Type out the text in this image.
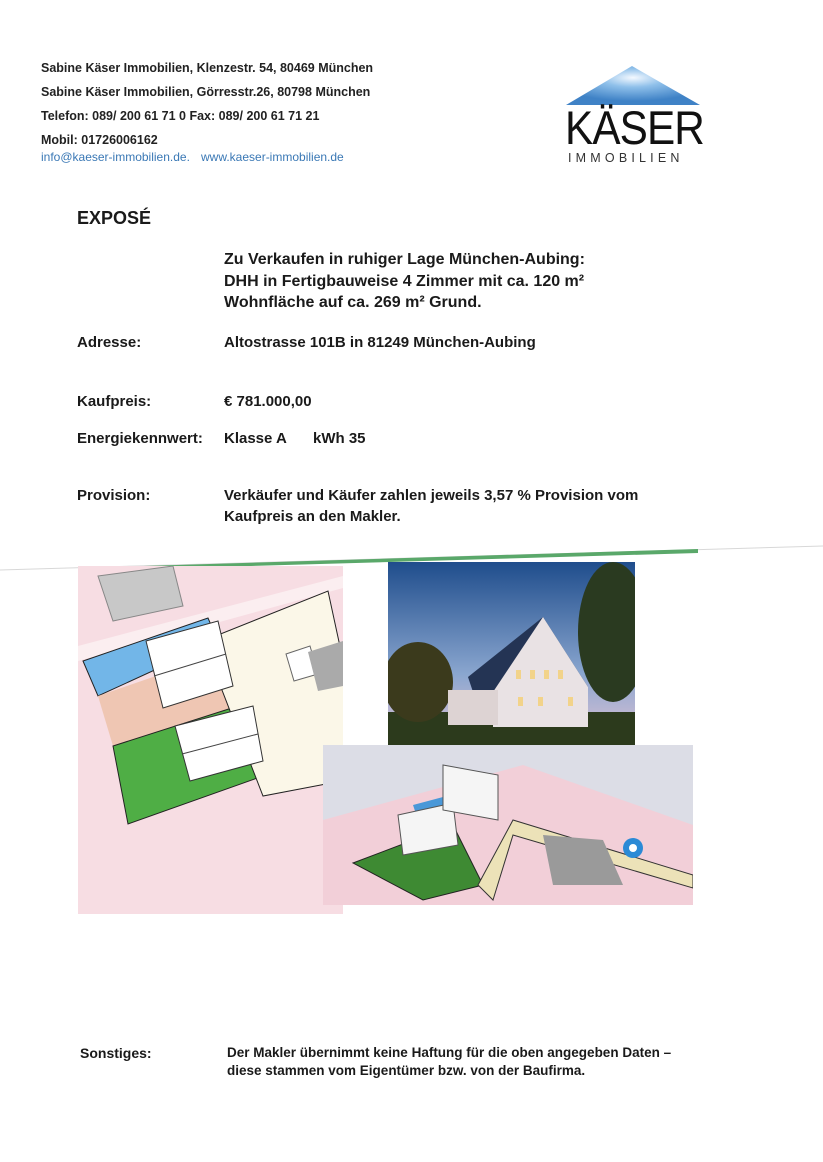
Sabine Käser Immobilien, Klenzestr. 54, 80469 München
Sabine Käser Immobilien, Görresstr.26, 80798 München
Telefon: 089/ 200 61 71 0 Fax: 089/ 200 61 71 21
Mobil: 01726006162
info@kaeser-immobilien.de. www.kaeser-immobilien.de
KÄSER
IMMOBILIEN
EXPOSÉ
Zu Verkaufen in ruhiger Lage München-Aubing:
DHH in Fertigbauweise 4 Zimmer mit ca. 120 m²
Wohnfläche auf ca. 269 m² Grund.
Adresse:	Altostrasse 101B in 81249 München-Aubing
Kaufpreis:	€ 781.000,00
Energiekennwert: Klasse A kWh 35
Provision:	Verkäufer und Käufer zahlen jeweils 3,57 % Provision vom
Kaufpreis an den Makler.
Sonstiges:	Der Makler übernimmt keine Haftung für die oben angegeben Daten –
diese stammen vom Eigentümer bzw. von der Baufirma.
